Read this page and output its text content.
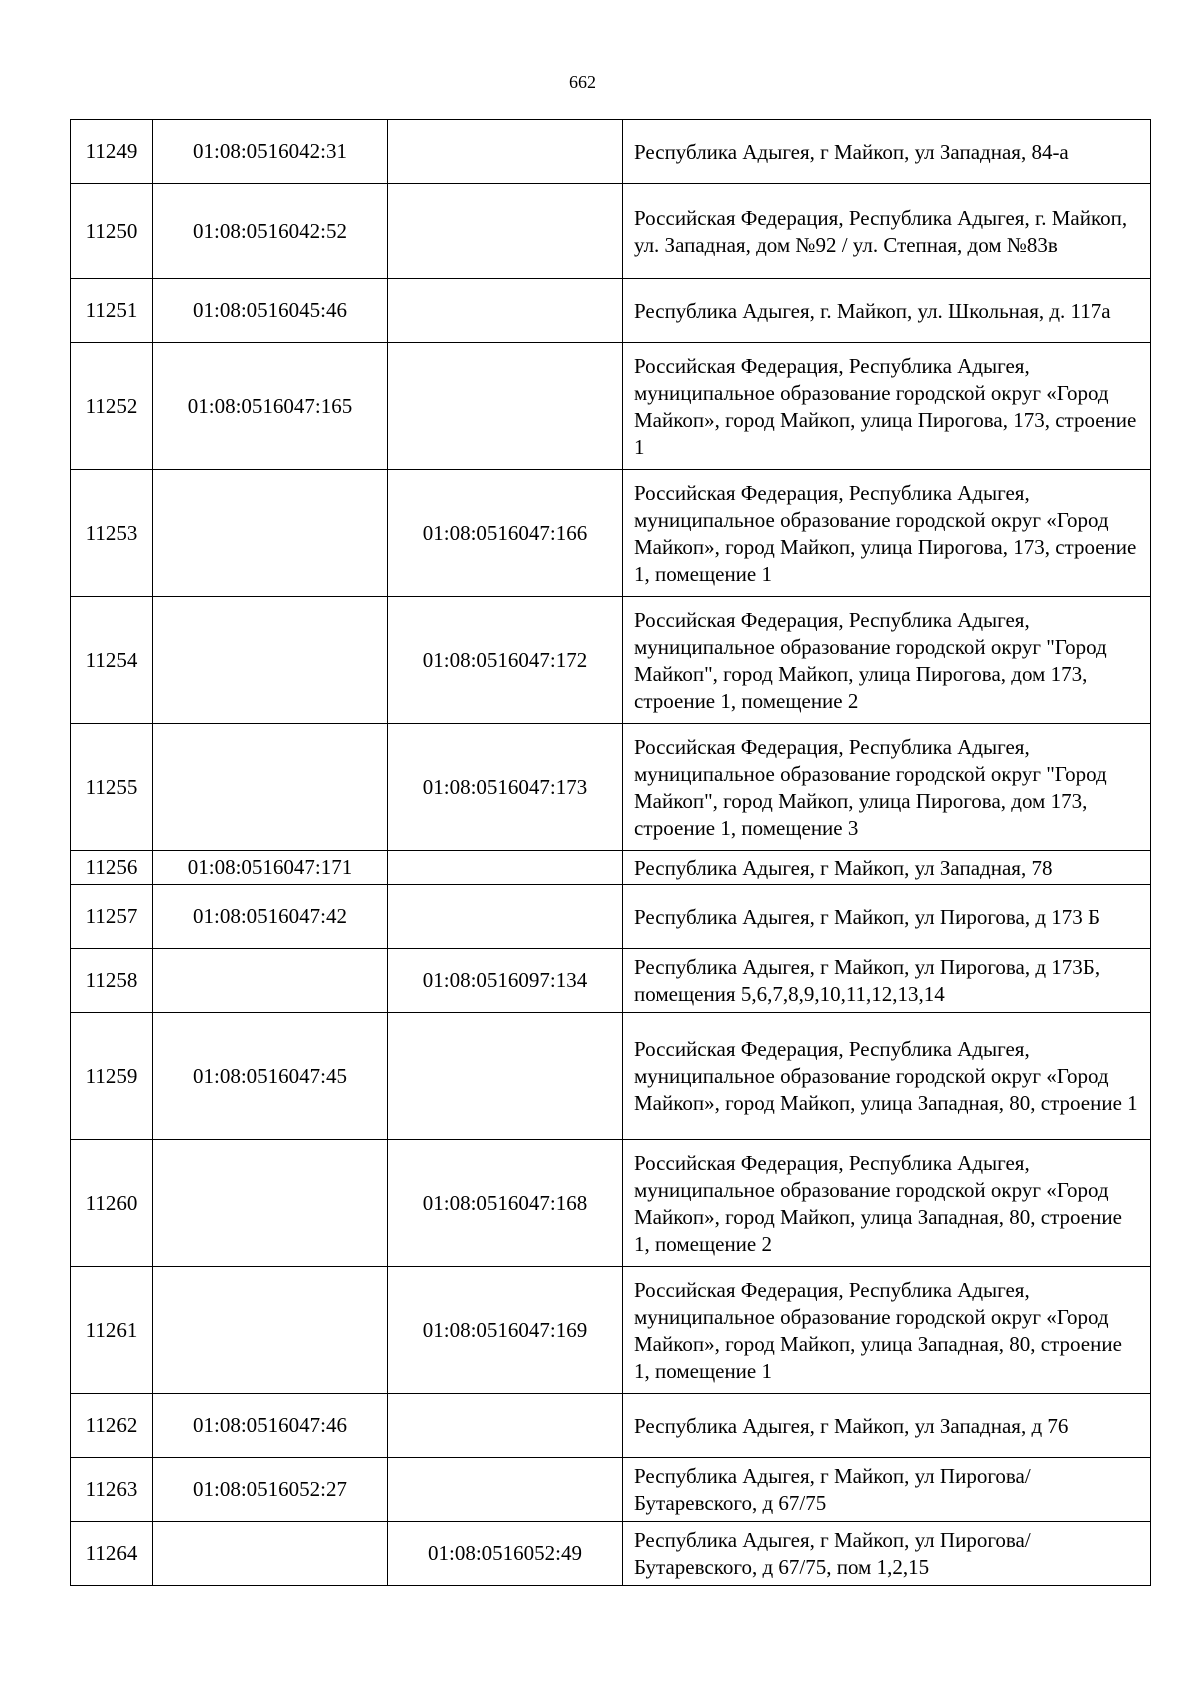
662
11249	01:08:0516042:31		Республика Адыгея, г Майкоп, ул Западная, 84-а
11250	01:08:0516042:52		Российская Федерация, Республика Адыгея, г. Майкоп, ул. Западная, дом №92 / ул. Степная, дом №83в
11251	01:08:0516045:46		Республика Адыгея, г. Майкоп, ул. Школьная, д. 117а
11252	01:08:0516047:165		Российская Федерация, Республика Адыгея, муниципальное образование городской округ «Город Майкоп», город Майкоп, улица Пирогова, 173, строение 1
11253		01:08:0516047:166	Российская Федерация, Республика Адыгея, муниципальное образование городской округ «Город Майкоп», город Майкоп, улица Пирогова, 173, строение 1, помещение 1
11254		01:08:0516047:172	Российская Федерация, Республика Адыгея, муниципальное образование городской округ "Город Майкоп", город Майкоп, улица Пирогова, дом 173, строение 1, помещение 2
11255		01:08:0516047:173	Российская Федерация, Республика Адыгея, муниципальное образование городской округ "Город Майкоп", город Майкоп, улица Пирогова, дом 173, строение 1, помещение 3
11256	01:08:0516047:171		Республика Адыгея, г Майкоп, ул Западная, 78
11257	01:08:0516047:42		Республика Адыгея, г Майкоп, ул Пирогова, д 173 Б
11258		01:08:0516097:134	Республика Адыгея, г Майкоп, ул Пирогова, д 173Б, помещения 5,6,7,8,9,10,11,12,13,14
11259	01:08:0516047:45		Российская Федерация, Республика Адыгея, муниципальное образование городской округ «Город Майкоп», город Майкоп, улица Западная, 80, строение 1
11260		01:08:0516047:168	Российская Федерация, Республика Адыгея, муниципальное образование городской округ «Город Майкоп», город Майкоп, улица Западная, 80, строение 1, помещение 2
11261		01:08:0516047:169	Российская Федерация, Республика Адыгея, муниципальное образование городской округ «Город Майкоп», город Майкоп, улица Западная, 80, строение 1, помещение 1
11262	01:08:0516047:46		Республика Адыгея, г Майкоп, ул Западная, д 76
11263	01:08:0516052:27		Республика Адыгея, г Майкоп, ул Пирогова/Бутаревского, д 67/75
11264		01:08:0516052:49	Республика Адыгея, г Майкоп, ул Пирогова/Бутаревского, д 67/75, пом 1,2,15
